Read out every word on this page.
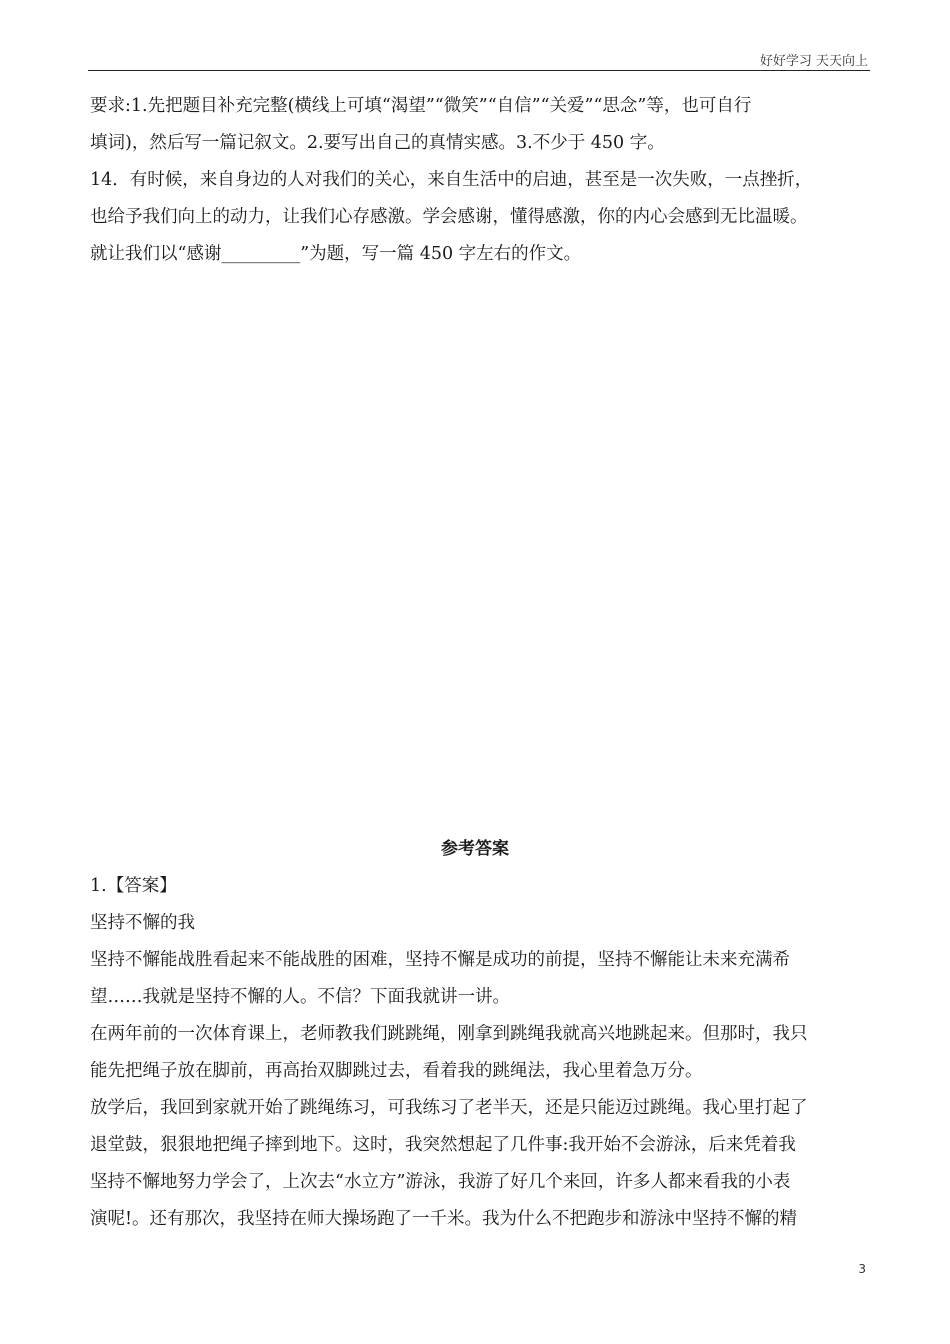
好好学习 天天向上

要求:1.先把题目补充完整(横线上可填“渴望”“微笑”“自信”“关爱”“思念”等，也可自行

填词)，然后写一篇记叙文。2.要写出自己的真情实感。3.不少于 450 字。

14．有时候，来自身边的人对我们的关心，来自生活中的启迪，甚至是一次失败，一点挫折，

也给予我们向上的动力，让我们心存感激。学会感谢，懂得感激，你的内心会感到无比温暖。

就让我们以“感谢_________”为题，写一篇 450 字左右的作文。

参考答案

1.【答案】

坚持不懈的我

坚持不懈能战胜看起来不能战胜的困难，坚持不懈是成功的前提，坚持不懈能让未来充满希

望……我就是坚持不懈的人。不信？下面我就讲一讲。

在两年前的一次体育课上，老师教我们跳跳绳，刚拿到跳绳我就高兴地跳起来。但那时，我只

能先把绳子放在脚前，再高抬双脚跳过去，看着我的跳绳法，我心里着急万分。

放学后，我回到家就开始了跳绳练习，可我练习了老半天，还是只能迈过跳绳。我心里打起了

退堂鼓，狠狠地把绳子摔到地下。这时，我突然想起了几件事:我开始不会游泳，后来凭着我

坚持不懈地努力学会了，上次去“水立方”游泳，我游了好几个来回，许多人都来看我的小表

演呢!。还有那次，我坚持在师大操场跑了一千米。我为什么不把跑步和游泳中坚持不懈的精

3
